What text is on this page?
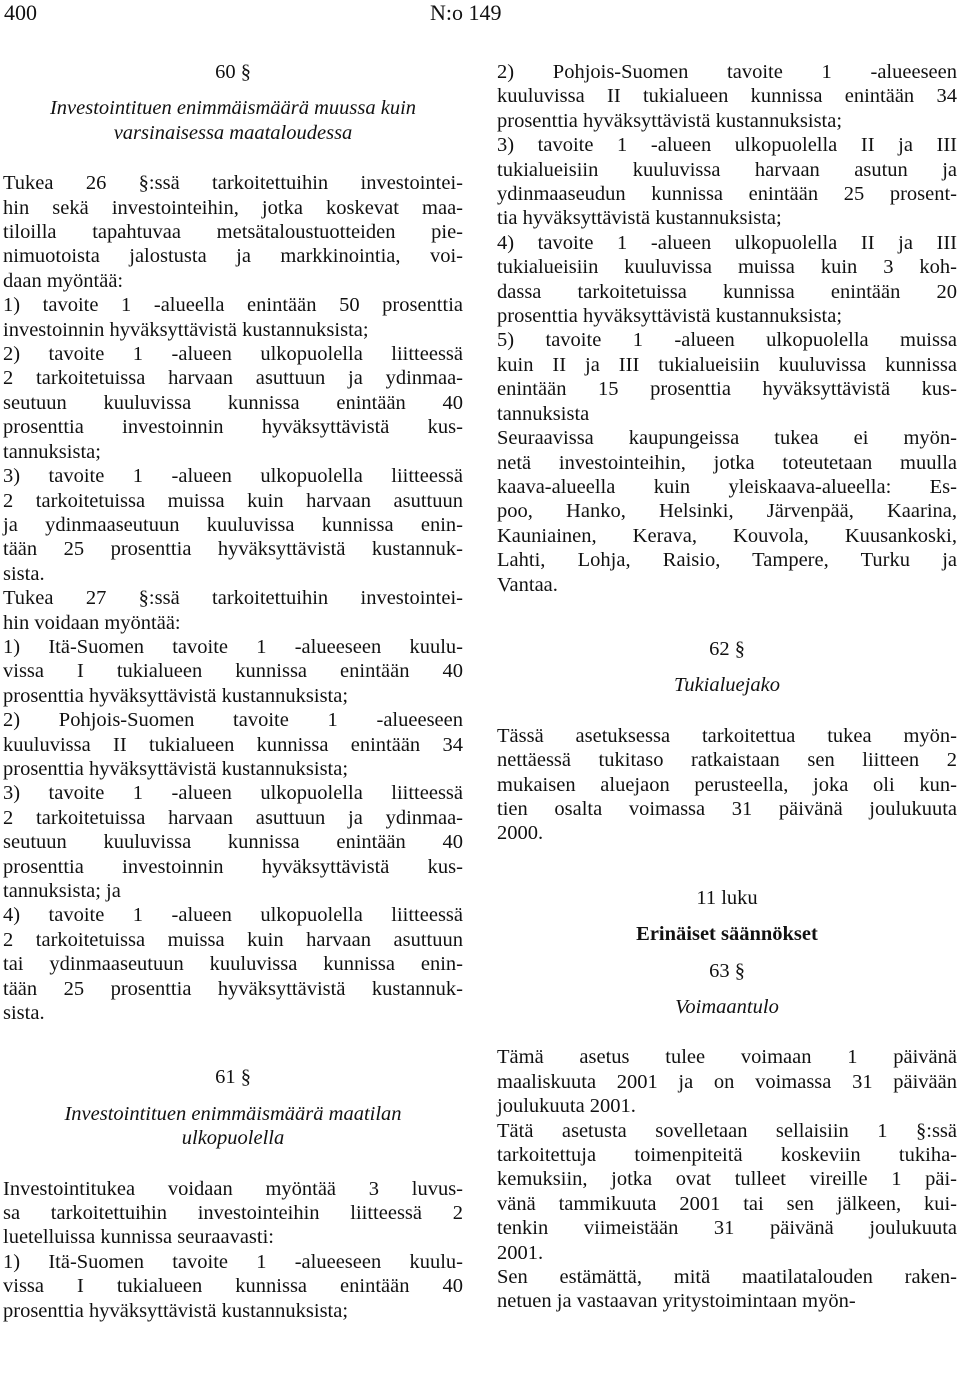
400	N:o 149
60 §
Investointituen enimmäismäärä muussa kuin
varsinaisessa maataloudessa
Tukea 26 §:ssä tarkoitettuihin investointei-
hin sekä investointeihin, jotka koskevat maa-
tiloilla tapahtuvaa metsätaloustuotteiden pie-
nimuotoista jalostusta ja markkinointia, voi-
daan myöntää:
1) tavoite 1 -alueella enintään 50 prosenttia
investoinnin hyväksyttävistä kustannuksista;
2) tavoite 1 -alueen ulkopuolella liitteessä
2 tarkoitetuissa harvaan asuttuun ja ydinmaa-
seutuun kuuluvissa kunnissa enintään 40
prosenttia investoinnin hyväksyttävistä kus-
tannuksista;
3) tavoite 1 -alueen ulkopuolella liitteessä
2 tarkoitetuissa muissa kuin harvaan asuttuun
ja ydinmaaseutuun kuuluvissa kunnissa enin-
tään 25 prosenttia hyväksyttävistä kustannuk-
sista.
Tukea 27 §:ssä tarkoitettuihin investointei-
hin voidaan myöntää:
1) Itä-Suomen tavoite 1 -alueeseen kuulu-
vissa I tukialueen kunnissa enintään 40
prosenttia hyväksyttävistä kustannuksista;
2) Pohjois-Suomen tavoite 1 -alueeseen
kuuluvissa II tukialueen kunnissa enintään 34
prosenttia hyväksyttävistä kustannuksista;
3) tavoite 1 -alueen ulkopuolella liitteessä
2 tarkoitetuissa harvaan asuttuun ja ydinmaa-
seutuun kuuluvissa kunnissa enintään 40
prosenttia investoinnin hyväksyttävistä kus-
tannuksista; ja
4) tavoite 1 -alueen ulkopuolella liitteessä
2 tarkoitetuissa muissa kuin harvaan asuttuun
tai ydinmaaseutuun kuuluvissa kunnissa enin-
tään 25 prosenttia hyväksyttävistä kustannuk-
sista.
61 §
Investointituen enimmäismäärä maatilan
ulkopuolella
Investointitukea voidaan myöntää 3 luvus-
sa tarkoitettuihin investointeihin liitteessä 2
luetelluissa kunnissa seuraavasti:
1) Itä-Suomen tavoite 1 -alueeseen kuulu-
vissa I tukialueen kunnissa enintään 40
prosenttia hyväksyttävistä kustannuksista;
2) Pohjois-Suomen tavoite 1 -alueeseen
kuuluvissa II tukialueen kunnissa enintään 34
prosenttia hyväksyttävistä kustannuksista;
3) tavoite 1 -alueen ulkopuolella II ja III
tukialueisiin kuuluvissa harvaan asutun ja
ydinmaaseudun kunnissa enintään 25 prosent-
tia hyväksyttävistä kustannuksista;
4) tavoite 1 -alueen ulkopuolella II ja III
tukialueisiin kuuluvissa muissa kuin 3 koh-
dassa tarkoitetuissa kunnissa enintään 20
prosenttia hyväksyttävistä kustannuksista;
5) tavoite 1 -alueen ulkopuolella muissa
kuin II ja III tukialueisiin kuuluvissa kunnissa
enintään 15 prosenttia hyväksyttävistä kus-
tannuksista
Seuraavissa kaupungeissa tukea ei myön-
netä investointeihin, jotka toteutetaan muulla
kaava-alueella kuin yleiskaava-alueella: Es-
poo, Hanko, Helsinki, Järvenpää, Kaarina,
Kauniainen, Kerava, Kouvola, Kuusankoski,
Lahti, Lohja, Raisio, Tampere, Turku ja
Vantaa.
62 §
Tukialuejako
Tässä asetuksessa tarkoitettua tukea myön-
nettäessä tukitaso ratkaistaan sen liitteen 2
mukaisen aluejaon perusteella, joka oli kun-
tien osalta voimassa 31 päivänä joulukuuta
2000.
11 luku
Erinäiset säännökset
63 §
Voimaantulo
Tämä asetus tulee voimaan 1 päivänä
maaliskuuta 2001 ja on voimassa 31 päivään
joulukuuta 2001.
Tätä asetusta sovelletaan sellaisiin 1 §:ssä
tarkoitettuja toimenpiteitä koskeviin tukiha-
kemuksiin, jotka ovat tulleet vireille 1 päi-
vänä tammikuuta 2001 tai sen jälkeen, kui-
tenkin viimeistään 31 päivänä joulukuuta
2001.
Sen estämättä, mitä maatilatalouden raken-
netuen ja vastaavan yritystoimintaan myön-
